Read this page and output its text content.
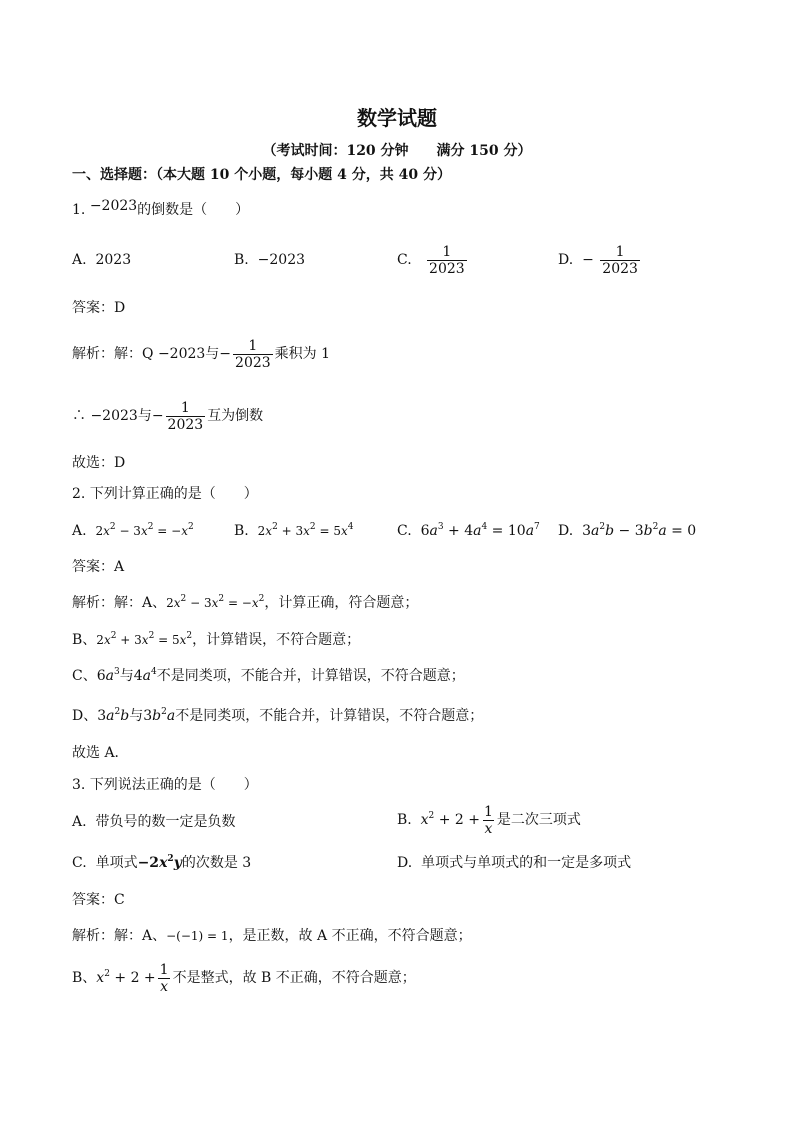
数学试题
（考试时间：120 分钟　　满分 150 分）
一、选择题：（本大题 10 个小题，每小题 4 分，共 40 分）
1. −2023的倒数是（　　）
A. 2023	B. −2023	C. $\frac{1}{2023}$	D. − $\frac{1}{2023}$
答案：D
解析：解：Q −2023与− $\frac{1}{2023}$ 乘积为 1
∴ −2023与− $\frac{1}{2023}$ 互为倒数
故选：D
2. 下列计算正确的是（　　）
A.  $2x^2 - 3x^2 = -x^2$	B.  $2x^2 + 3x^2 = 5x^4$	C.  $6a^3 + 4a^4 = 10a^7$ D.  $3a^2b - 3b^2a = 0$
答案：A
解析：解：A、$2x^2 - 3x^2 = -x^2$，计算正确，符合题意；
B、$2x^2 + 3x^2 = 5x^2$，计算错误，不符合题意；
C、$6a^3$与$4a^4$不是同类项，不能合并，计算错误，不符合题意；
D、$3a^2b$与$3b^2a$不是同类项，不能合并，计算错误，不符合题意；
故选 A．
3. 下列说法正确的是（　　）
A.  带负号的数一定是负数	B.  $x^2 + 2 + \frac{1}{x}$ 是二次三项式
C.  单项式$-2x^2y$的次数是 3	D.  单项式与单项式的和一定是多项式
答案：C
解析：解：A、−(−1) = 1，是正数，故 A 不正确，不符合题意；
B、$x^2 + 2 + \frac{1}{x}$ 不是整式，故 B 不正确，不符合题意；
